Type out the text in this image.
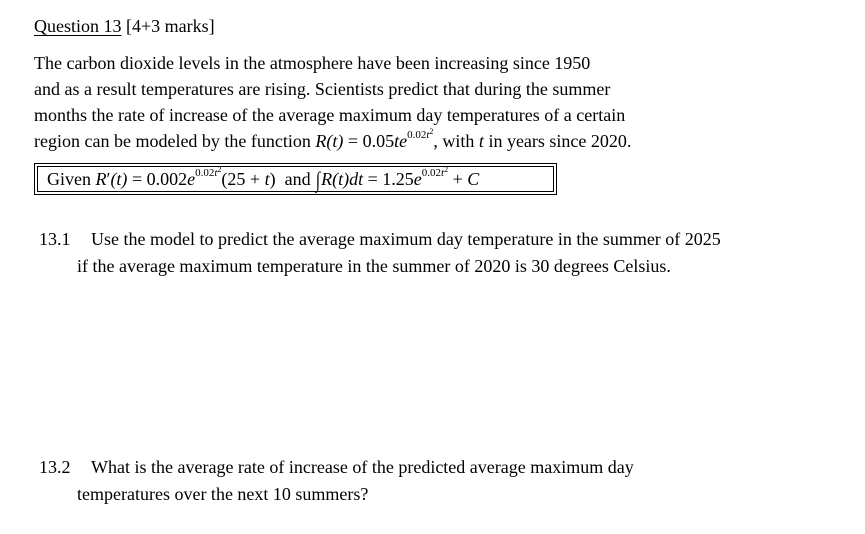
Question 13 [4+3 marks]
The carbon dioxide levels in the atmosphere have been increasing since 1950
and as a result temperatures are rising. Scientists predict that during the summer
months the rate of increase of the average maximum day temperatures of a certain
region can be modeled by the function $R(t) = 0.05te^{0.02t^2}$, with t in years since 2020.
Given $R'(t) = 0.002e^{0.02t^2}(25 + t)$  and $\int R(t)dt = 1.25e^{0.02t^2} + C$
13.1	Use the model to predict the average maximum day temperature in the summer of 2025
if the average maximum temperature in the summer of 2020 is 30 degrees Celsius.
13.2	What is the average rate of increase of the predicted average maximum day
temperatures over the next 10 summers?
